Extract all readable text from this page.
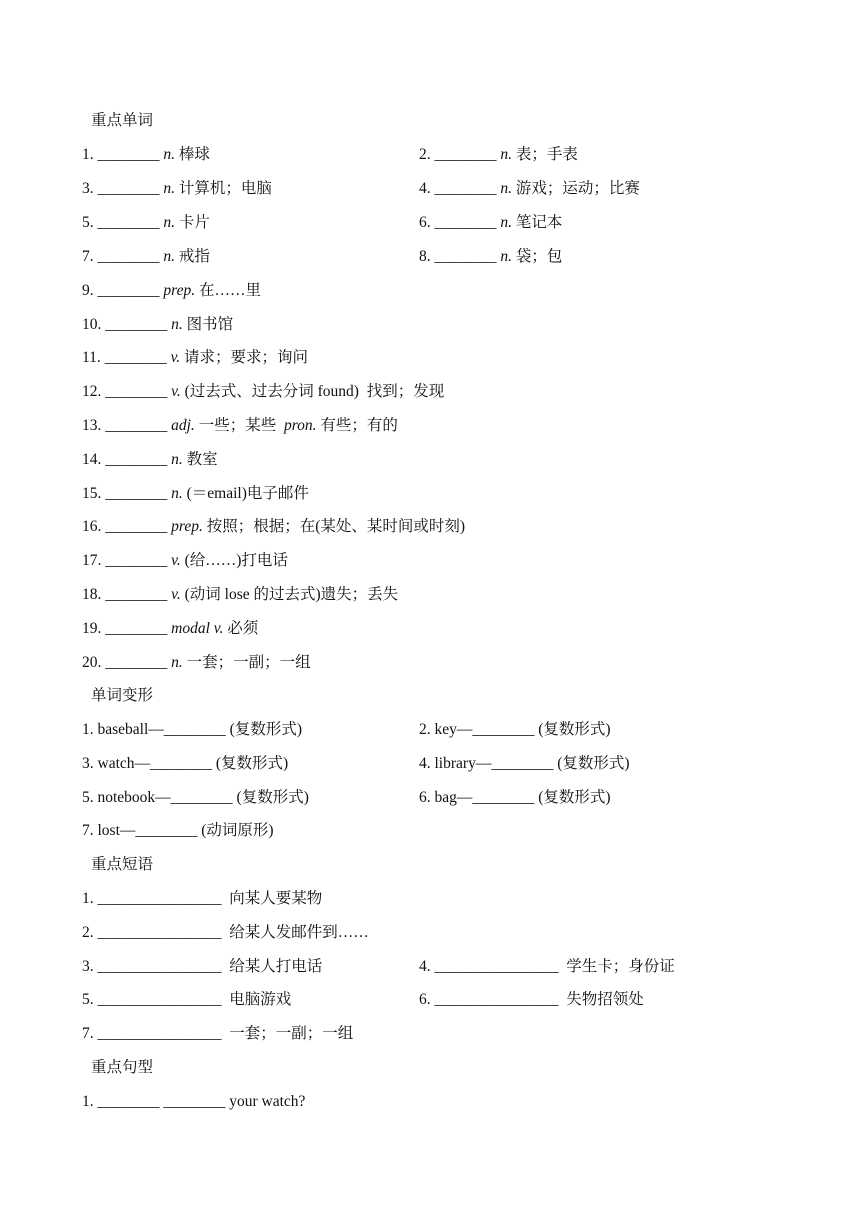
重点单词
1. ________ n. 棒球	2. ________ n. 表；手表
3. ________ n. 计算机；电脑	4. ________ n. 游戏；运动；比赛
5. ________ n. 卡片	6. ________ n. 笔记本
7. ________ n. 戒指	8. ________ n. 袋；包
9. ________ prep. 在……里
10. ________ n. 图书馆
11. ________ v. 请求；要求；询问
12. ________ v. (过去式、过去分词 found)  找到；发现
13. ________ adj. 一些；某些  pron. 有些；有的
14. ________ n. 教室
15. ________ n. (＝email)电子邮件
16. ________ prep. 按照；根据；在(某处、某时间或时刻)
17. ________ v. (给……)打电话
18. ________ v. (动词 lose 的过去式)遗失；丢失
19. ________ modal v. 必须
20. ________ n. 一套；一副；一组
单词变形
1. baseball—________ (复数形式)	2. key—________ (复数形式)
3. watch—________ (复数形式)	4. library—________ (复数形式)
5. notebook—________ (复数形式)	6. bag—________ (复数形式)
7. lost—________ (动词原形)
重点短语
1. ________________  向某人要某物
2. ________________  给某人发邮件到……
3. ________________  给某人打电话	4. ________________  学生卡；身份证
5. ________________  电脑游戏	6. ________________  失物招领处
7. ________________  一套；一副；一组
重点句型
1. ________ ________ your watch?
